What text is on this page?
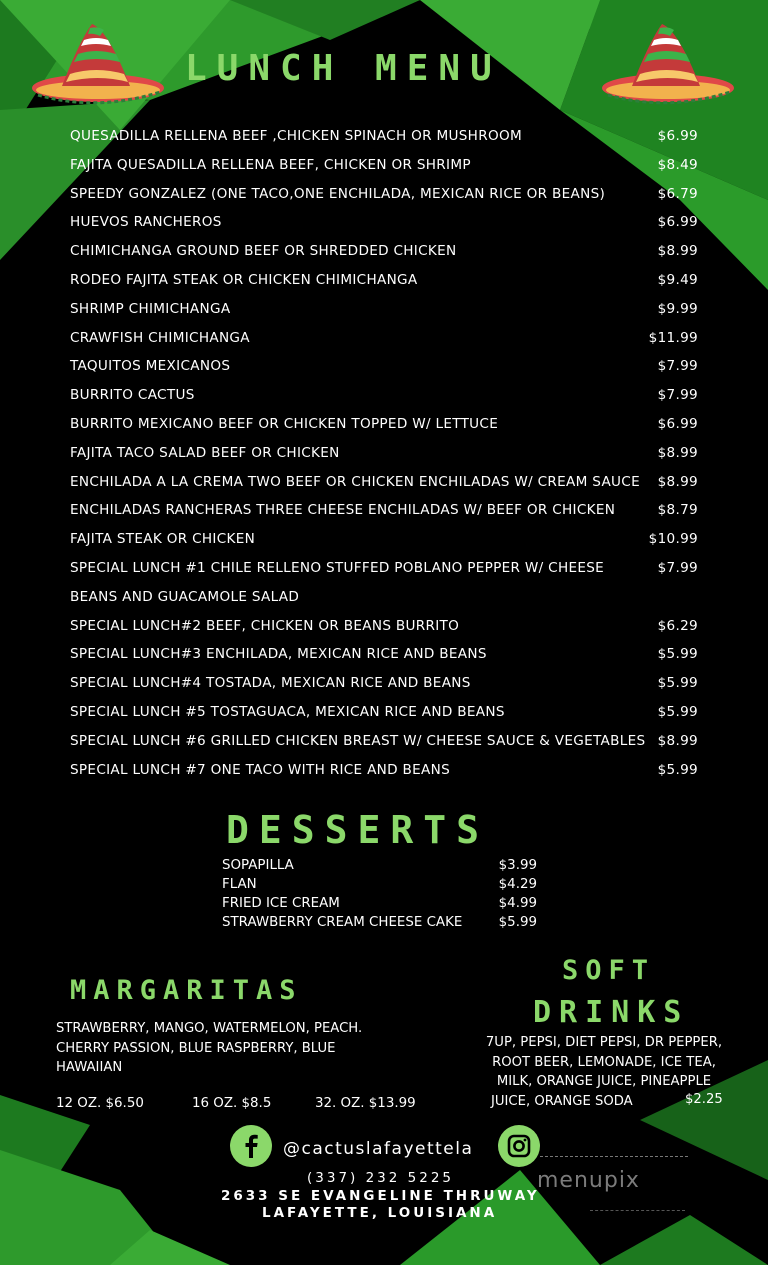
LUNCH MENU
DESSERTS
MARGARITAS
SOFT
DRINKS
QUESADILLA RELLENA BEEF ,CHICKEN SPINACH OR MUSHROOM	$6.99
FAJITA QUESADILLA RELLENA BEEF, CHICKEN OR SHRIMP	$8.49
SPEEDY GONZALEZ (ONE TACO,ONE ENCHILADA, MEXICAN RICE OR BEANS)	$6.79
HUEVOS RANCHEROS	$6.99
CHIMICHANGA GROUND BEEF OR SHREDDED CHICKEN	$8.99
RODEO FAJITA STEAK OR CHICKEN CHIMICHANGA	$9.49
SHRIMP CHIMICHANGA	$9.99
CRAWFISH CHIMICHANGA	$11.99
TAQUITOS MEXICANOS	$7.99
BURRITO CACTUS	$7.99
BURRITO MEXICANO BEEF OR CHICKEN TOPPED W/ LETTUCE	$6.99
FAJITA TACO SALAD BEEF OR CHICKEN	$8.99
ENCHILADA A LA CREMA TWO BEEF OR CHICKEN ENCHILADAS W/ CREAM SAUCE $8.99
ENCHILADAS RANCHERAS THREE CHEESE ENCHILADAS W/ BEEF OR CHICKEN	$8.79
FAJITA STEAK OR CHICKEN	$10.99
SPECIAL LUNCH #1 CHILE RELLENO STUFFED POBLANO PEPPER W/ CHEESE	$7.99
BEANS AND GUACAMOLE SALAD
SPECIAL LUNCH#2 BEEF, CHICKEN OR BEANS BURRITO	$6.29
SPECIAL LUNCH#3 ENCHILADA, MEXICAN RICE AND BEANS	$5.99
SPECIAL LUNCH#4 TOSTADA, MEXICAN RICE AND BEANS	$5.99
SPECIAL LUNCH #5 TOSTAGUACA, MEXICAN RICE AND BEANS	$5.99
SPECIAL LUNCH #6 GRILLED CHICKEN BREAST W/ CHEESE SAUCE & VEGETABLES $8.99
SPECIAL LUNCH #7 ONE TACO WITH RICE AND BEANS	$5.99
SOPAPILLA	$3.99
FLAN	$4.29
FRIED ICE CREAM	$4.99
STRAWBERRY CREAM CHEESE CAKE	$5.99
STRAWBERRY, MANGO, WATERMELON, PEACH.
CHERRY PASSION, BLUE RASPBERRY, BLUE
HAWAIIAN
12 OZ. $6.50	16 OZ. $8.5	32. OZ. $13.99
7UP, PEPSI, DIET PEPSI, DR PEPPER,
ROOT BEER, LEMONADE, ICE TEA,
MILK, ORANGE JUICE, PINEAPPLE
JUICE, ORANGE SODA	$2.25
@cactuslafayettela
(337) 232 5225
2633 SE EVANGELINE THRUWAY
LAFAYETTE, LOUISIANA
menupix
